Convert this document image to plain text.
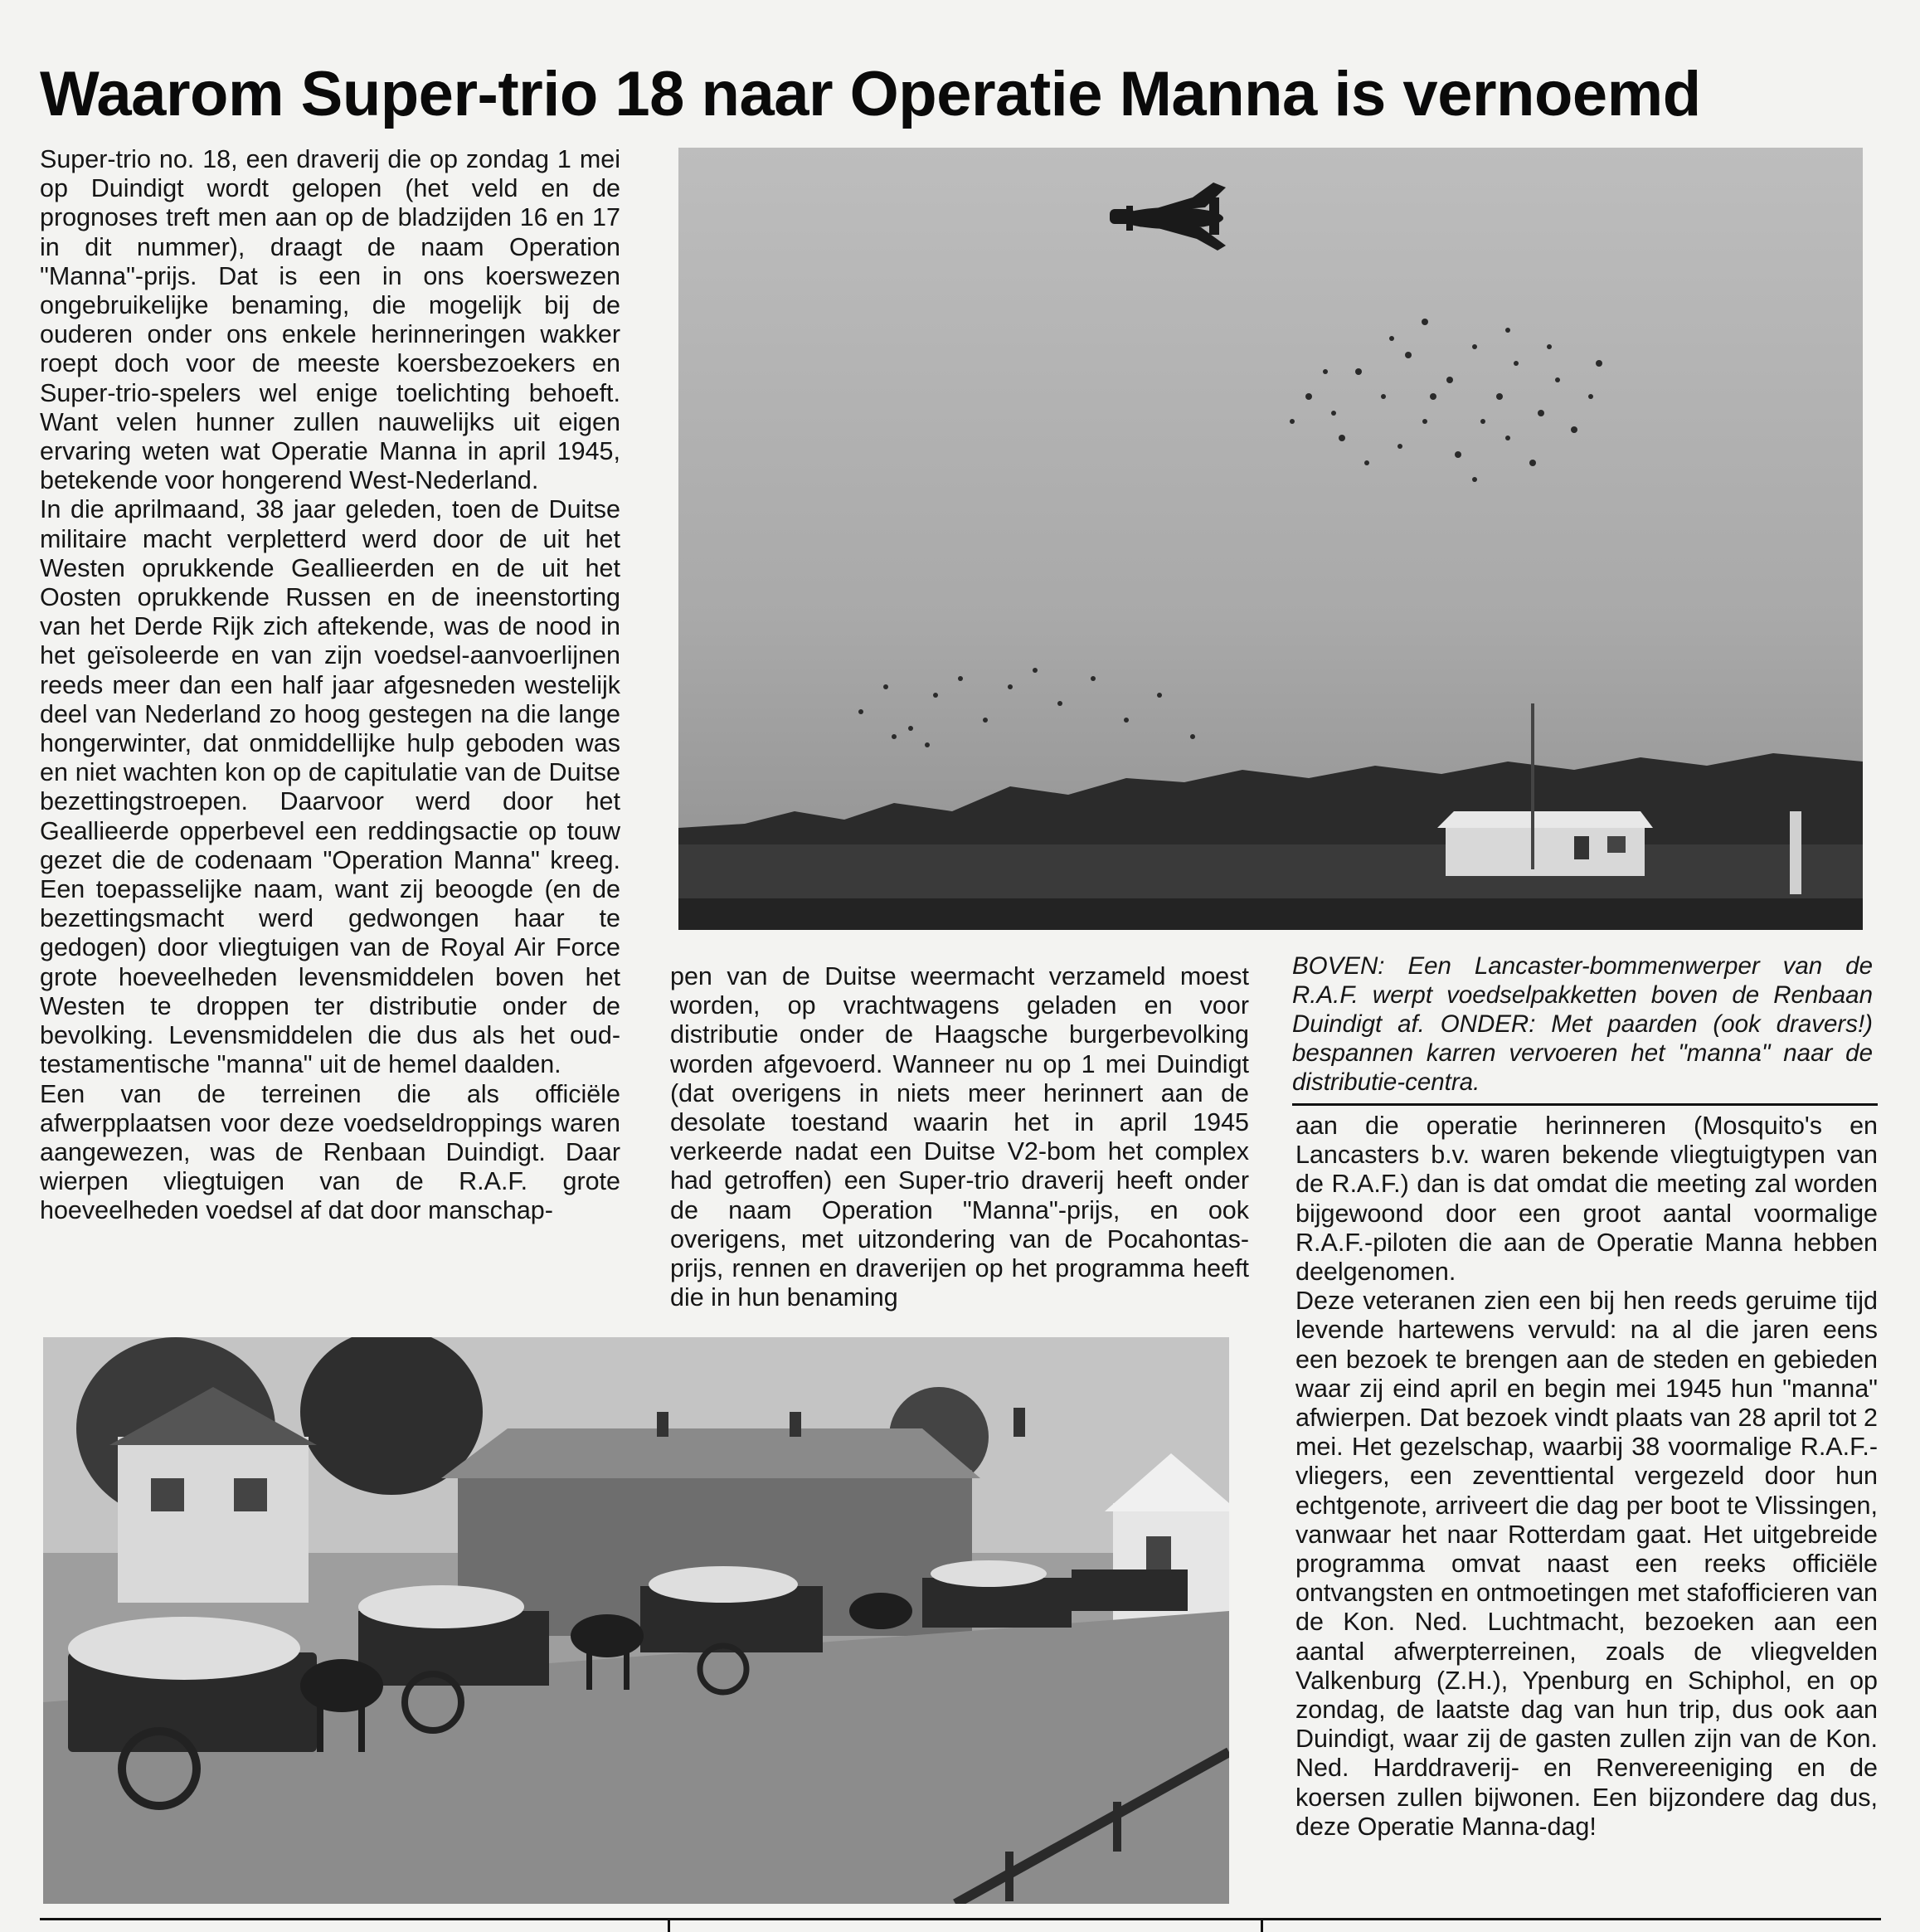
Waarom Super-trio 18 naar Operatie Manna is vernoemd

Super-trio no. 18, een draverij die op zondag 1 mei op Duindigt wordt gelopen (het veld en de prognoses treft men aan op de bladzijden 16 en 17 in dit nummer), draagt de naam Operation "Manna"-prijs. Dat is een in ons koerswezen ongebruikelijke benaming, die mogelijk bij de ouderen onder ons enkele herinneringen wakker roept doch voor de meeste koersbezoekers en Super-trio-spelers wel enige toelichting behoeft. Want velen hunner zullen nauwelijks uit eigen ervaring weten wat Operatie Manna in april 1945, betekende voor hongerend West-Nederland.

In die aprilmaand, 38 jaar geleden, toen de Duitse militaire macht verpletterd werd door de uit het Westen oprukkende Geallieerden en de uit het Oosten oprukkende Russen en de ineenstorting van het Derde Rijk zich aftekende, was de nood in het geïsoleerde en van zijn voedsel-aanvoerlijnen reeds meer dan een half jaar afgesneden westelijk deel van Nederland zo hoog gestegen na die lange hongerwinter, dat onmiddellijke hulp geboden was en niet wachten kon op de capitulatie van de Duitse bezettingstroepen. Daarvoor werd door het Geallieerde opperbevel een reddingsactie op touw gezet die de codenaam "Operation Manna" kreeg. Een toepasselijke naam, want zij beoogde (en de bezettingsmacht werd gedwongen haar te gedogen) door vliegtuigen van de Royal Air Force grote hoeveelheden levensmiddelen boven het Westen te droppen ter distributie onder de bevolking. Levensmiddelen die dus als het oud-testamentische "manna" uit de hemel daalden.

Een van de terreinen die als officiële afwerpplaatsen voor deze voedseldroppings waren aangewezen, was de Renbaan Duindigt. Daar wierpen vliegtuigen van de R.A.F. grote hoeveelheden voedsel af dat door manschap-

pen van de Duitse weermacht verzameld moest worden, op vrachtwagens geladen en voor distributie onder de Haagsche burgerbevolking worden afgevoerd. Wanneer nu op 1 mei Duindigt (dat overigens in niets meer herinnert aan de desolate toestand waarin het in april 1945 verkeerde nadat een Duitse V2-bom het complex had getroffen) een Super-trio draverij heeft onder de naam Operation "Manna"-prijs, en ook overigens, met uitzondering van de Pocahontas-prijs, rennen en draverijen op het programma heeft die in hun benaming

BOVEN: Een Lancaster-bommenwerper van de R.A.F. werpt voedselpakketten boven de Renbaan Duindigt af. ONDER: Met paarden (ook dravers!) bespannen karren vervoeren het "manna" naar de distributie-centra.

aan die operatie herinneren (Mosquito's en Lancasters b.v. waren bekende vliegtuigtypen van de R.A.F.) dan is dat omdat die meeting zal worden bijgewoond door een groot aantal voormalige R.A.F.-piloten die aan de Operatie Manna hebben deelgenomen.

Deze veteranen zien een bij hen reeds geruime tijd levende hartewens vervuld: na al die jaren eens een bezoek te brengen aan de steden en gebieden waar zij eind april en begin mei 1945 hun "manna" afwierpen. Dat bezoek vindt plaats van 28 april tot 2 mei. Het gezelschap, waarbij 38 voormalige R.A.F.-vliegers, een zeventtiental vergezeld door hun echtgenote, arriveert die dag per boot te Vlissingen, vanwaar het naar Rotterdam gaat. Het uitgebreide programma omvat naast een reeks officiële ontvangsten en ontmoetingen met stafofficieren van de Kon. Ned. Luchtmacht, bezoeken aan een aantal afwerpterreinen, zoals de vliegvelden Valkenburg (Z.H.), Ypenburg en Schiphol, en op zondag, de laatste dag van hun trip, dus ook aan Duindigt, waar zij de gasten zullen zijn van de Kon. Ned. Harddraverij- en Renvereeniging en de koersen zullen bijwonen. Een bijzondere dag dus, deze Operatie Manna-dag!
